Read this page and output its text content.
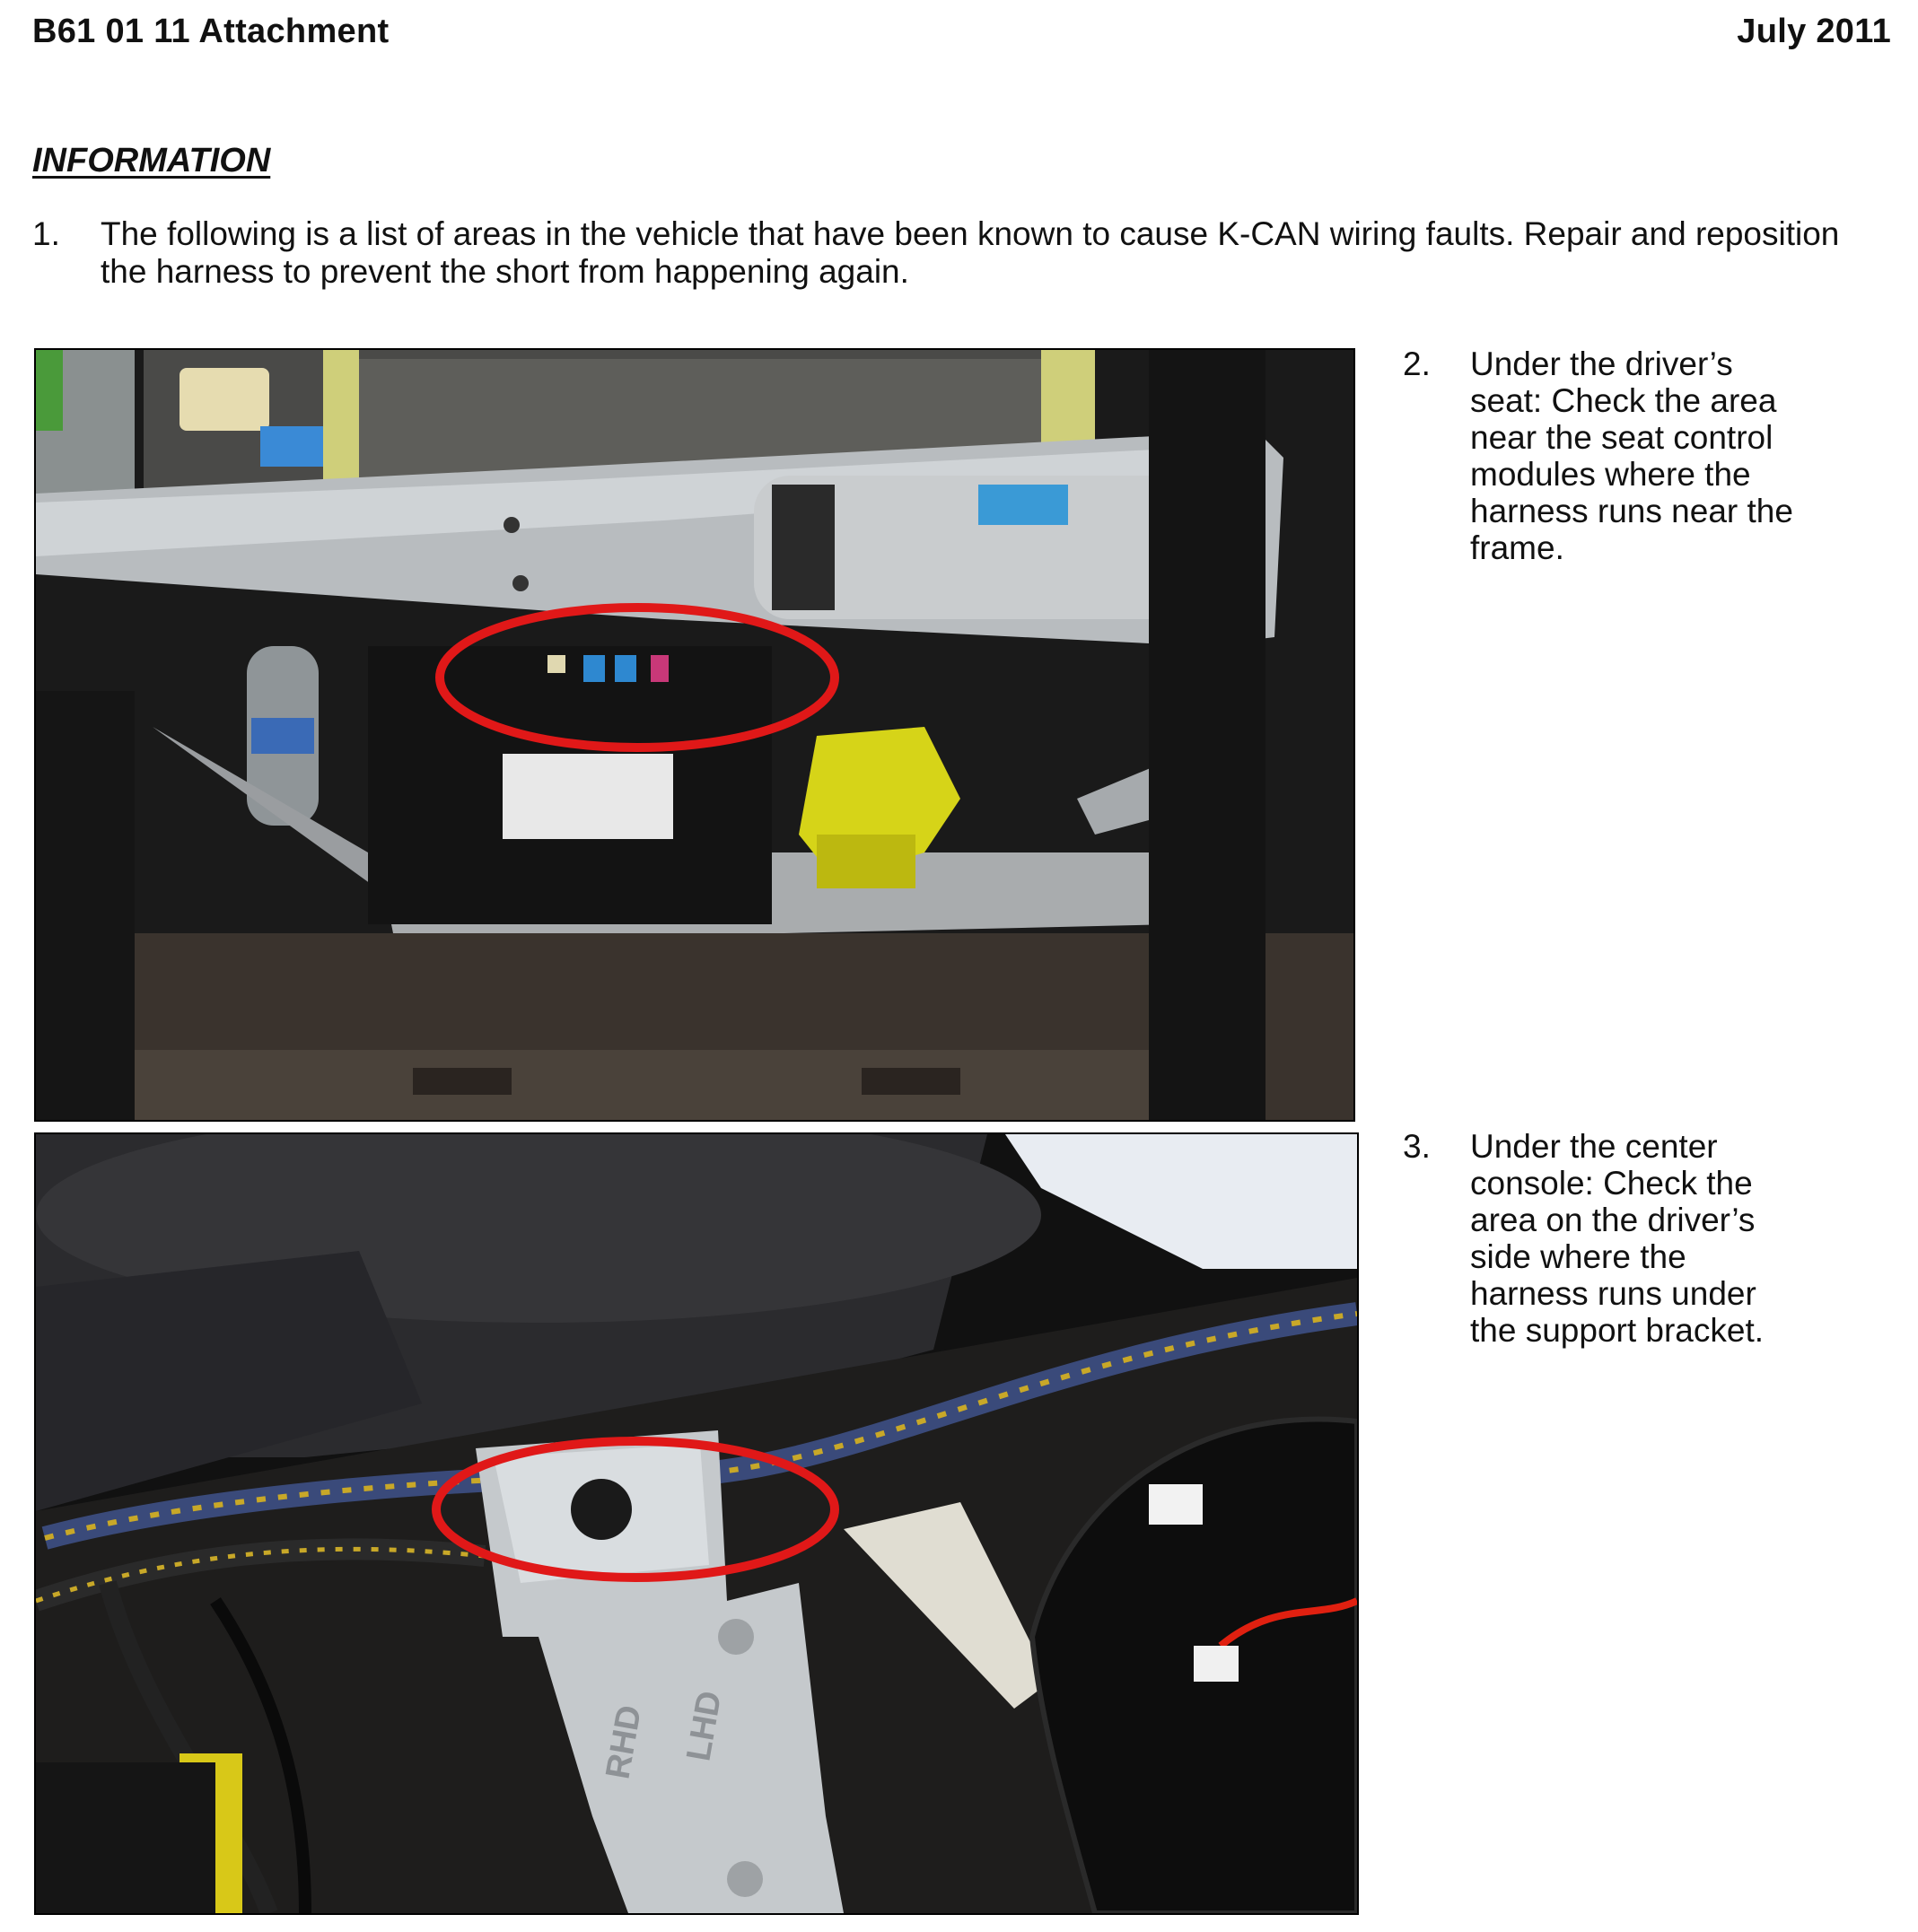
B61 01 11 Attachment	July 2011
INFORMATION
1. The following is a list of areas in the vehicle that have been known to cause K-CAN wiring faults. Repair and reposition the harness to prevent the short from happening again.
2. Under the driver’s
seat: Check the area
near the seat control
modules where the
harness runs near the
frame.
RHD LHD
3. Under the center
console: Check the
area on the driver’s
side where the
harness runs under
the support bracket.
